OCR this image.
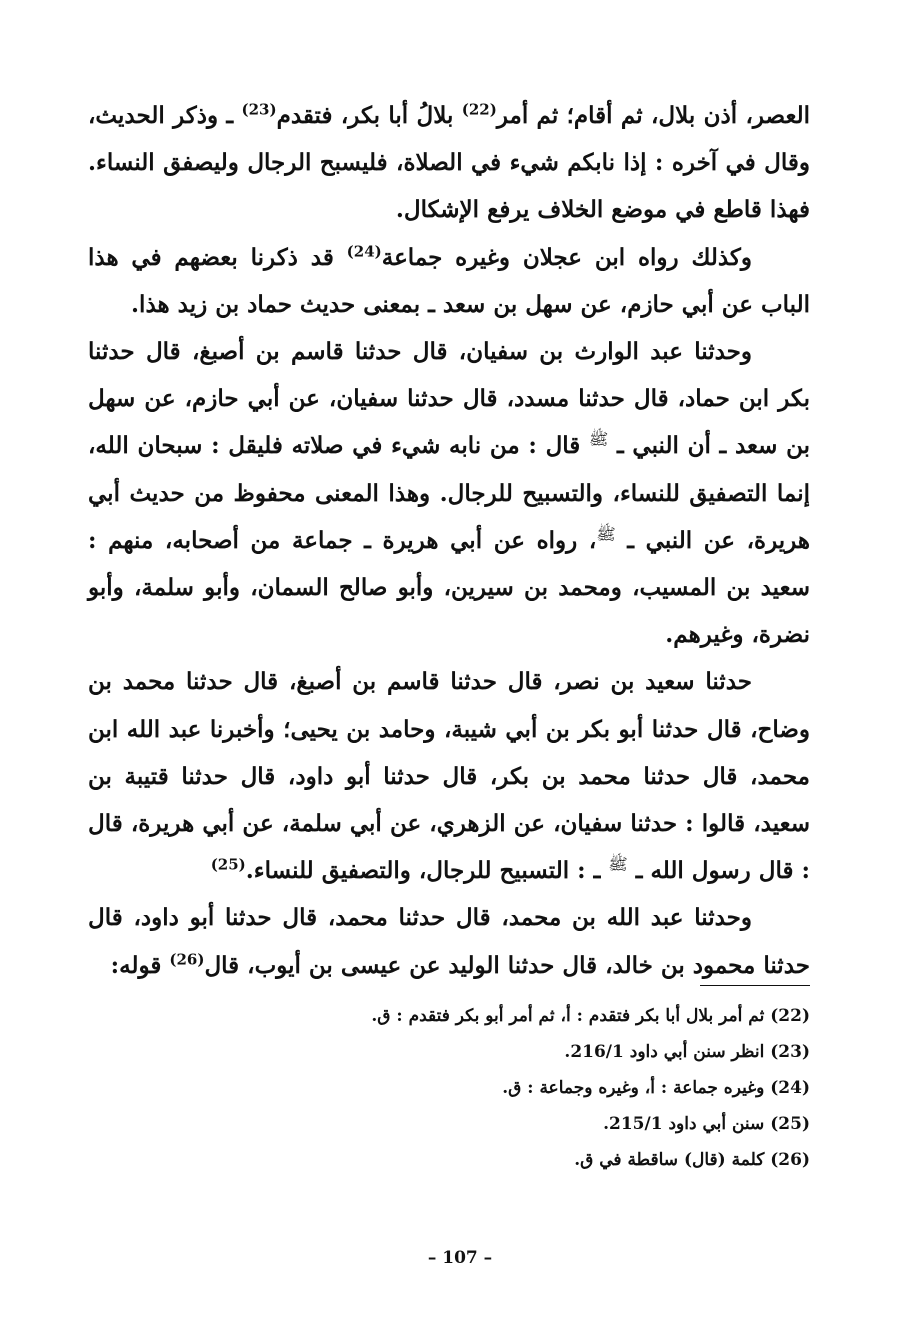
العصر، أذن بلال، ثم أقام؛ ثم أمر$^{(22)}$ بلالُ أبا بكر، فتقدم$^{(23)}$ ـ وذكر الحديث، وقال في آخره : إذا نابكم شيء في الصلاة، فليسبح الرجال وليصفق النساء. فهذا قاطع في موضع الخلاف يرفع الإشكال.

وكذلك رواه ابن عجلان وغيره جماعة$^{(24)}$ قد ذكرنا بعضهم في هذا الباب عن أبي حازم، عن سهل بن سعد ـ بمعنى حديث حماد بن زيد هذا.

وحدثنا عبد الوارث بن سفيان، قال حدثنا قاسم بن أصبغ، قال حدثنا بكر ابن حماد، قال حدثنا مسدد، قال حدثنا سفيان، عن أبي حازم، عن سهل بن سعد ـ أن النبي ـ $^ﷺ$ قال : من نابه شيء في صلاته فليقل : سبحان الله، إنما التصفيق للنساء، والتسبيح للرجال. وهذا المعنى محفوظ من حديث أبي هريرة، عن النبي ـ $^ﷺ$، رواه عن أبي هريرة ـ جماعة من أصحابه، منهم : سعيد بن المسيب، ومحمد بن سيرين، وأبو صالح السمان، وأبو سلمة، وأبو نضرة، وغيرهم.

حدثنا سعيد بن نصر، قال حدثنا قاسم بن أصبغ، قال حدثنا محمد بن وضاح، قال حدثنا أبو بكر بن أبي شيبة، وحامد بن يحيى؛ وأخبرنا عبد الله ابن محمد، قال حدثنا محمد بن بكر، قال حدثنا أبو داود، قال حدثنا قتيبة بن سعيد، قالوا : حدثنا سفيان، عن الزهري، عن أبي سلمة، عن أبي هريرة، قال : قال رسول الله ـ $^ﷺ$ ـ : التسبيح للرجال، والتصفيق للنساء.$^{(25)}$

وحدثنا عبد الله بن محمد، قال حدثنا محمد، قال حدثنا أبو داود، قال حدثنا محمود بن خالد، قال حدثنا الوليد عن عيسى بن أيوب، قال$^{(26)}$ قوله:

(22) ثم أمر بلال أبا بكر فتقدم : أ، ثم أمر أبو بكر فتقدم : ق.
(23) انظر سنن أبي داود 216/1.
(24) وغيره جماعة : أ، وغيره وجماعة : ق.
(25) سنن أبي داود 215/1.
(26) كلمة (قال) ساقطة في ق.
– 107 –
